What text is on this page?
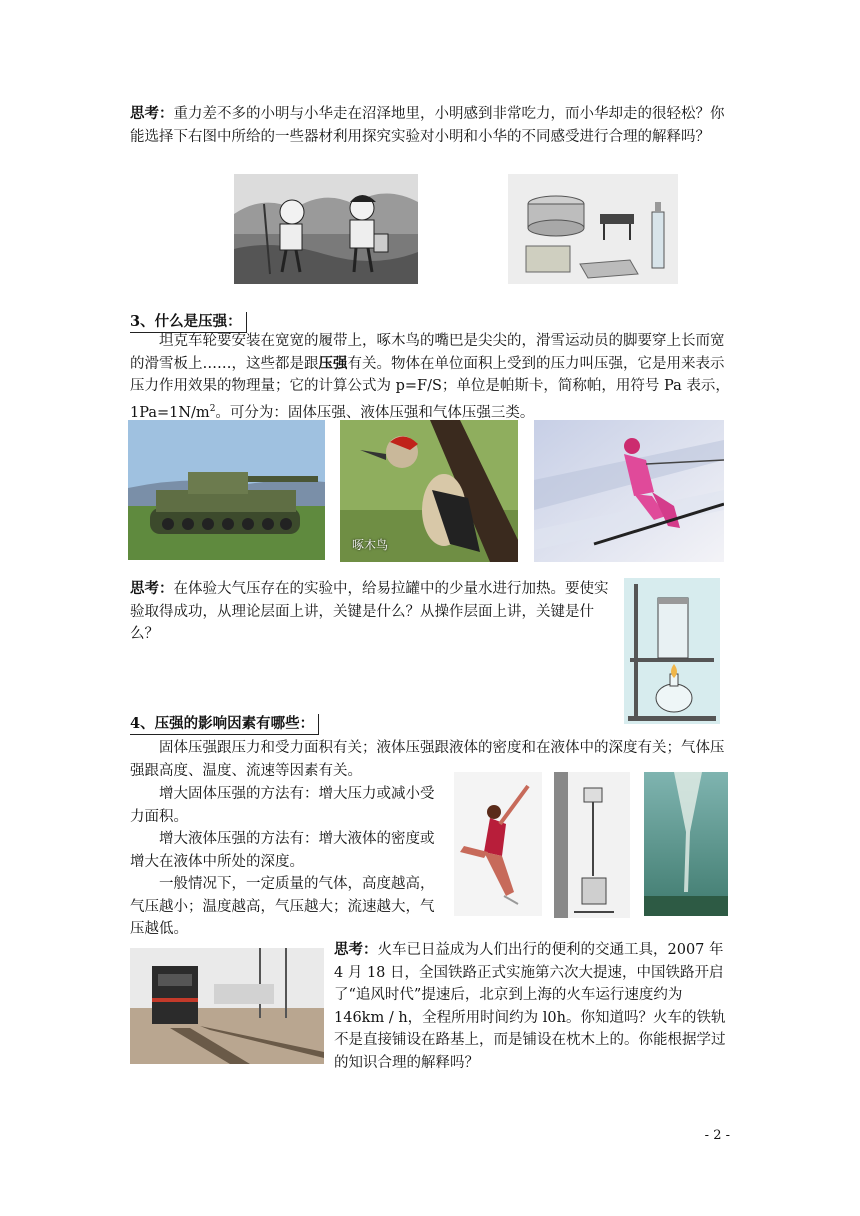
思考：重力差不多的小明与小华走在沼泽地里，小明感到非常吃力，而小华却走的很轻松？你能选择下右图中所给的一些器材利用探究实验对小明和小华的不同感受进行合理的解释吗？

3、什么是压强：

坦克车轮要安装在宽宽的履带上，啄木鸟的嘴巴是尖尖的，滑雪运动员的脚要穿上长而宽的滑雪板上……，这些都是跟压强有关。物体在单位面积上受到的压力叫压强，它是用来表示压力作用效果的物理量；它的计算公式为 p=F/S；单位是帕斯卡，简称帕，用符号 Pa 表示，$1Pa=1N/m^2$。可分为：固体压强、液体压强和气体压强三类。

啄木鸟

思考：在体验大气压存在的实验中，给易拉罐中的少量水进行加热。要使实验取得成功，从理论层面上讲，关键是什么？从操作层面上讲，关键是什么？

4、压强的影响因素有哪些：

固体压强跟压力和受力面积有关；液体压强跟液体的密度和在液体中的深度有关；气体压强跟高度、温度、流速等因素有关。

增大固体压强的方法有：增大压力或减小受力面积。

增大液体压强的方法有：增大液体的密度或增大在液体中所处的深度。

一般情况下，一定质量的气体，高度越高，气压越小；温度越高，气压越大；流速越大，气压越低。

思考：火车已日益成为人们出行的便利的交通工具，2007 年 4 月 18 日，全国铁路正式实施第六次大提速，中国铁路开启了“追风时代”提速后，北京到上海的火车运行速度约为 146km / h，全程所用时间约为 l0h。你知道吗？火车的铁轨不是直接铺设在路基上，而是铺设在枕木上的。你能根据学过的知识合理的解释吗？

- 2 -
